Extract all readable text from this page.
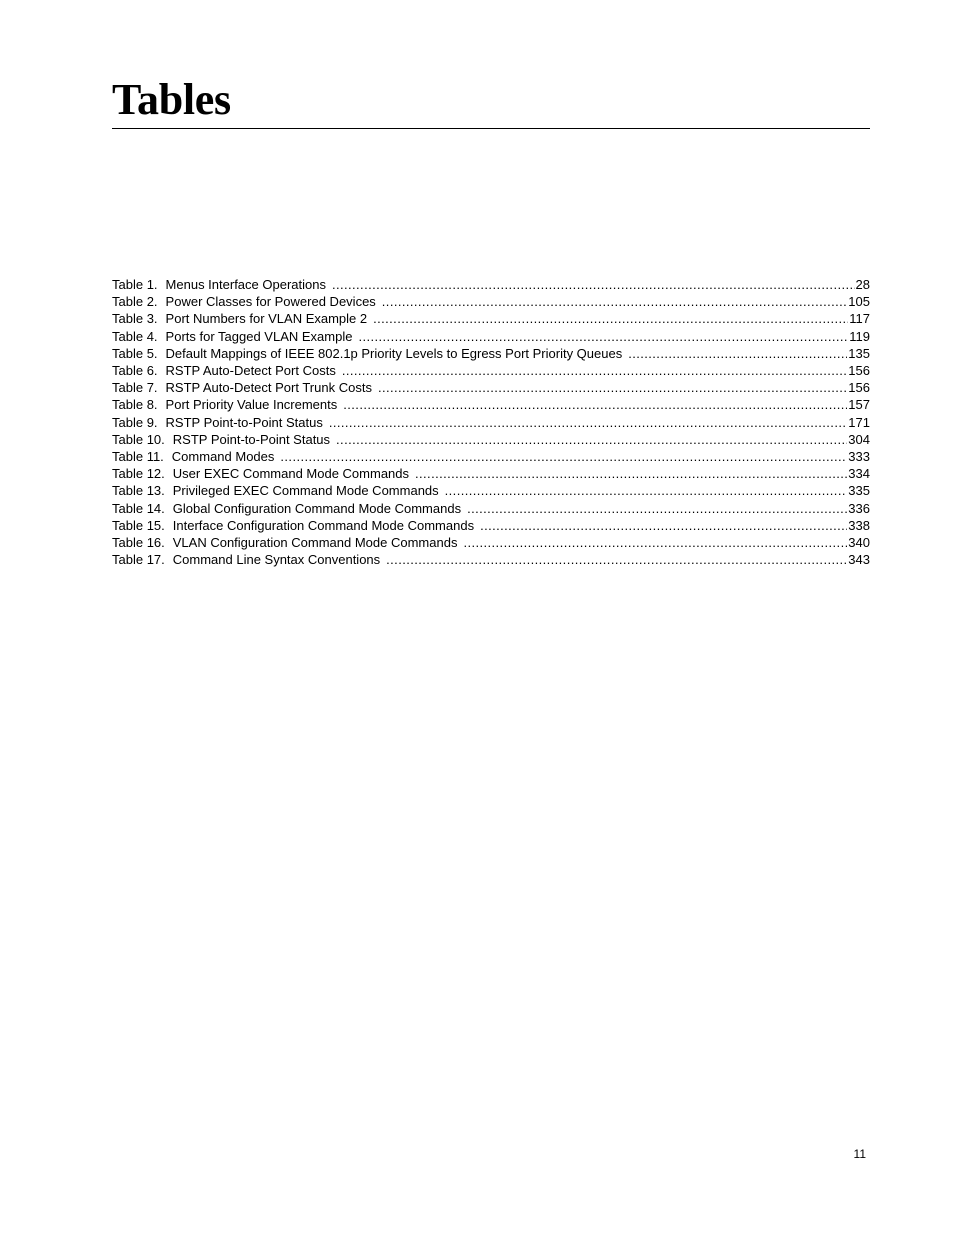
Tables
Table 1. Menus Interface Operations .....	28
Table 2. Power Classes for Powered Devices .....	105
Table 3. Port Numbers for VLAN Example 2 .....	117
Table 4. Ports for Tagged VLAN Example .....	119
Table 5. Default Mappings of IEEE 802.1p Priority Levels to Egress Port Priority Queues .....	135
Table 6. RSTP Auto-Detect Port Costs .....	156
Table 7. RSTP Auto-Detect Port Trunk Costs .....	156
Table 8. Port Priority Value Increments .....	157
Table 9. RSTP Point-to-Point Status .....	171
Table 10. RSTP Point-to-Point Status .....	304
Table 11. Command Modes .....	333
Table 12. User EXEC Command Mode Commands .....	334
Table 13. Privileged EXEC Command Mode Commands .....	335
Table 14. Global Configuration Command Mode Commands .....	336
Table 15. Interface Configuration Command Mode Commands .....	338
Table 16. VLAN Configuration Command Mode Commands .....	340
Table 17. Command Line Syntax Conventions .....	343
11
